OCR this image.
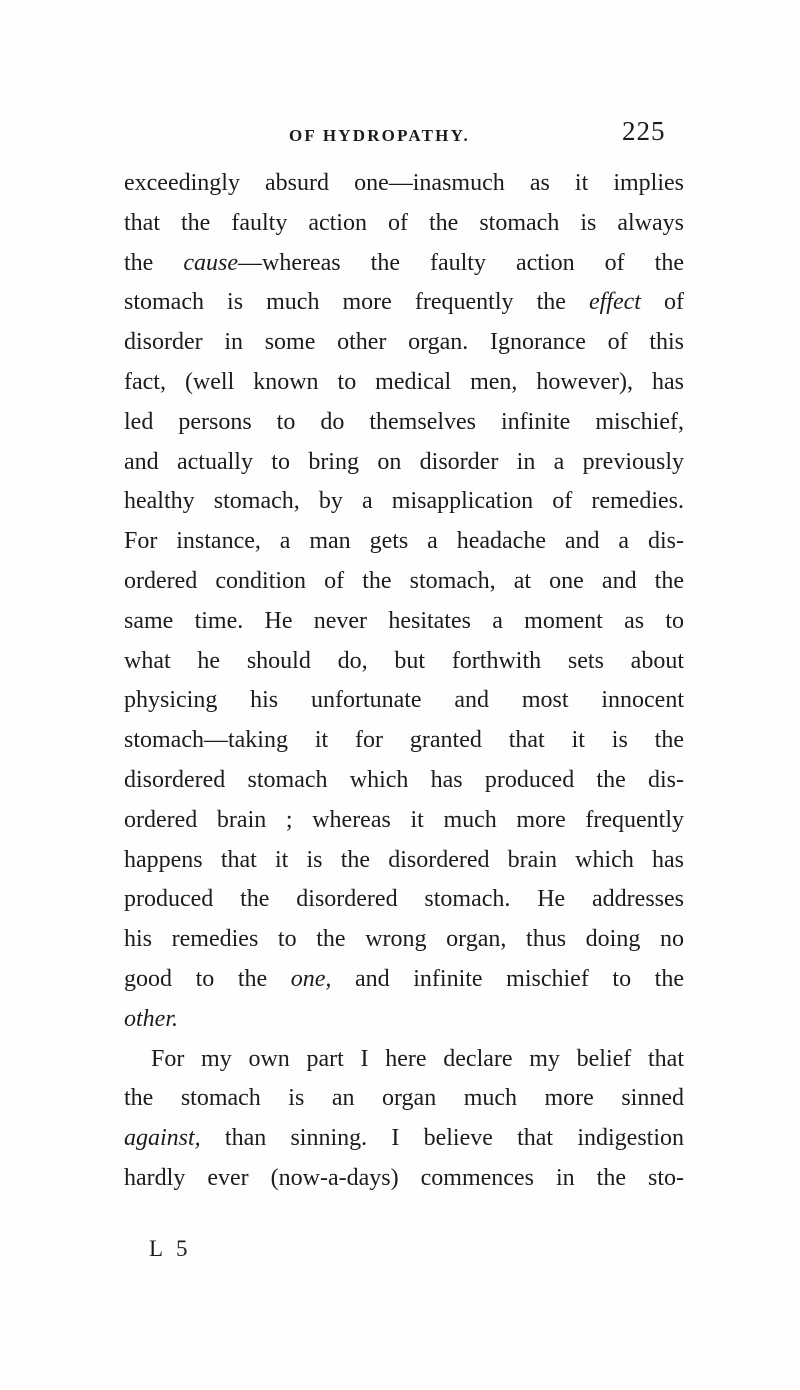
OF HYDROPATHY.	225
exceedingly absurd one—inasmuch as it implies
that the faulty action of the stomach is always
the cause—whereas the faulty action of the
stomach is much more frequently the effect of
disorder in some other organ. Ignorance of this
fact, (well known to medical men, however), has
led persons to do themselves infinite mischief,
and actually to bring on disorder in a previously
healthy stomach, by a misapplication of remedies.
For instance, a man gets a headache and a dis-
ordered condition of the stomach, at one and the
same time. He never hesitates a moment as to
what he should do, but forthwith sets about
physicing his unfortunate and most innocent
stomach—taking it for granted that it is the
disordered stomach which has produced the dis-
ordered brain ; whereas it much more frequently
happens that it is the disordered brain which has
produced the disordered stomach. He addresses
his remedies to the wrong organ, thus doing no
good to the one, and infinite mischief to the
other.
For my own part I here declare my belief that
the stomach is an organ much more sinned
against, than sinning. I believe that indigestion
hardly ever (now-a-days) commences in the sto-
L 5
